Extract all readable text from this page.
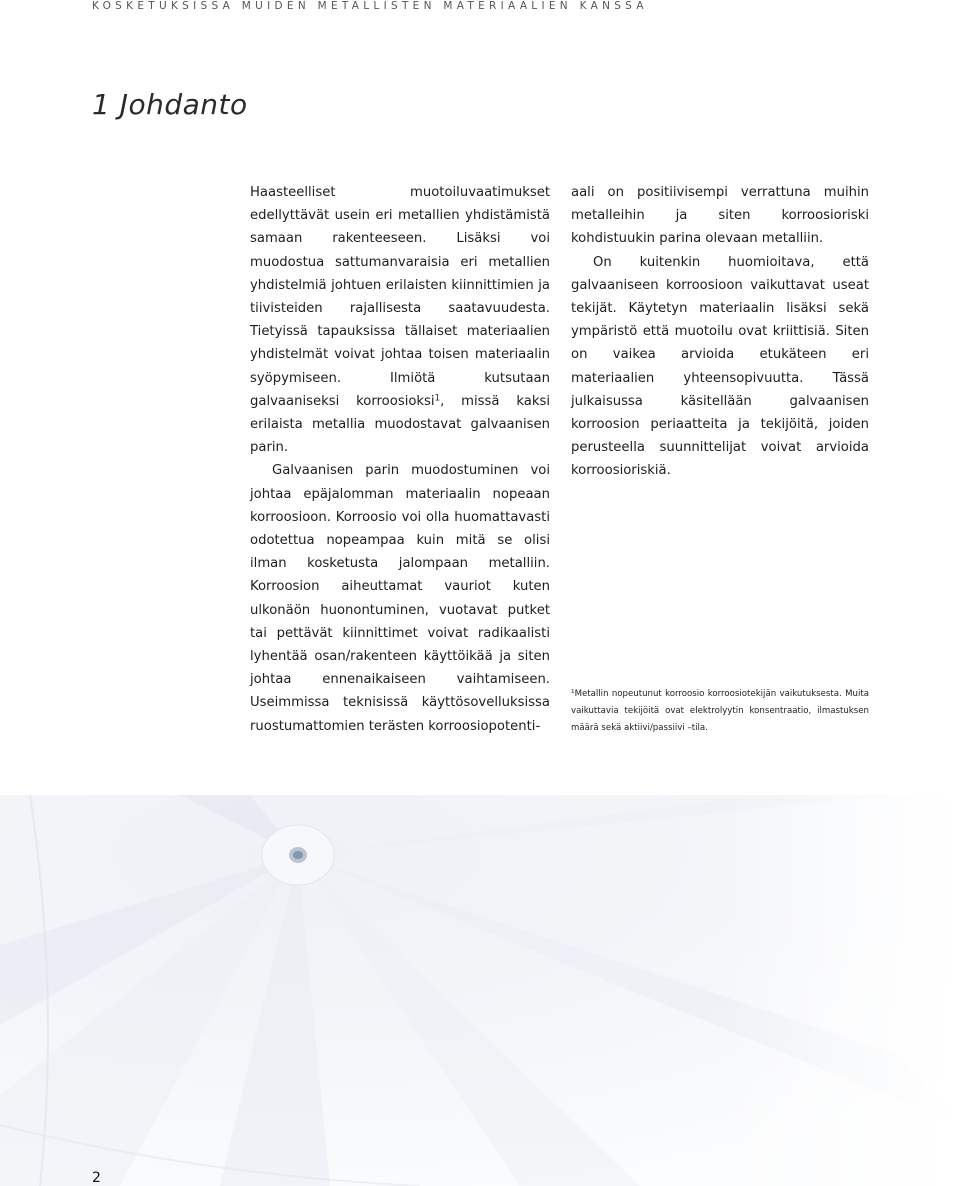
KOSKETUKSISSA MUIDEN METALLISTEN MATERIAALIEN KANSSA
1 Johdanto

Haasteelliset muotoiluvaatimukset edellyttävät usein eri metallien yhdistämistä samaan rakenteeseen. Lisäksi voi muodostua sattumanvaraisia eri metallien yhdistelmiä johtuen erilaisten kiinnittimien ja tiivisteiden rajallisesta saatavuudesta. Tietyissä tapauksissa tällaiset materiaalien yhdistelmät voivat johtaa toisen materiaalin syöpymiseen. Ilmiötä kutsutaan galvaaniseksi korroosioksi$^1$, missä kaksi erilaista metallia muodostavat galvaanisen parin.

Galvaanisen parin muodostuminen voi johtaa epäjalomman materiaalin nopeaan korroosioon. Korroosio voi olla huomattavasti odotettua nopeampaa kuin mitä se olisi ilman kosketusta jalompaan metalliin. Korroosion aiheuttamat vauriot kuten ulkonäön huonontuminen, vuotavat putket tai pettävät kiinnittimet voivat radikaalisti lyhentää osan/rakenteen käyttöikää ja siten johtaa ennenaikaiseen vaihtamiseen. Useimmissa teknisissä käyttösovelluksissa ruostumattomien terästen korroosiopotenti-

aali on positiivisempi verrattuna muihin metalleihin ja siten korroosioriski kohdistuukin parina olevaan metalliin.

On kuitenkin huomioitava, että galvaaniseen korroosioon vaikuttavat useat tekijät. Käytetyn materiaalin lisäksi sekä ympäristö että muotoilu ovat kriittisiä. Siten on vaikea arvioida etukäteen eri materiaalien yhteensopivuutta. Tässä julkaisussa käsitellään galvaanisen korroosion periaatteita ja tekijöitä, joiden perusteella suunnittelijat voivat arvioida korroosioriskiä.

$^1$Metallin nopeutunut korroosio korroosiotekijän vaikutuksesta. Muita vaikuttavia tekijöitä ovat elektrolyytin konsentraatio, ilmastuksen määrä sekä aktiivi/passiivi –tila.
2
